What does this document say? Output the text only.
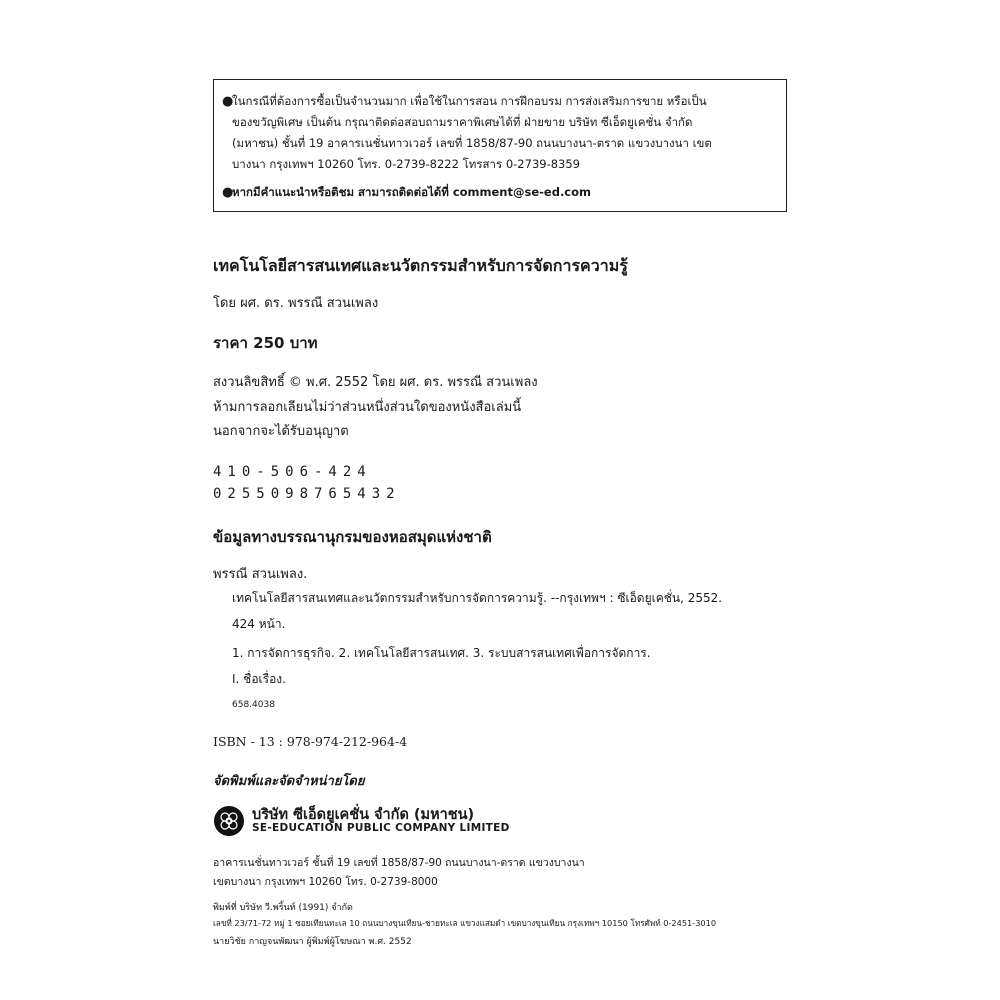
●
ในกรณีที่ต้องการซื้อเป็นจำนวนมาก เพื่อใช้ในการสอน การฝึกอบรม การส่งเสริมการขาย หรือเป็น
ของขวัญพิเศษ เป็นต้น กรุณาติดต่อสอบถามราคาพิเศษได้ที่ ฝ่ายขาย บริษัท ซีเอ็ดยูเคชั่น จำกัด
(มหาชน) ชั้นที่ 19 อาคารเนชั่นทาวเวอร์ เลขที่ 1858/87-90 ถนนบางนา-ตราด แขวงบางนา เขต
บางนา กรุงเทพฯ 10260 โทร. 0-2739-8222 โทรสาร 0-2739-8359
●
หากมีคำแนะนำหรือติชม สามารถติดต่อได้ที่ comment@se-ed.com
เทคโนโลยีสารสนเทศและนวัตกรรมสำหรับการจัดการความรู้
โดย ผศ. ดร. พรรณี สวนเพลง
ราคา 250 บาท
สงวนลิขสิทธิ์ © พ.ศ. 2552 โดย ผศ. ดร. พรรณี สวนเพลง
ห้ามการลอกเลียนไม่ว่าส่วนหนึ่งส่วนใดของหนังสือเล่มนี้
นอกจากจะได้รับอนุญาต
410-506-424
0255098765432
ข้อมูลทางบรรณานุกรมของหอสมุดแห่งชาติ
พรรณี สวนเพลง.
เทคโนโลยีสารสนเทศและนวัตกรรมสำหรับการจัดการความรู้. --กรุงเทพฯ : ซีเอ็ดยูเคชั่น, 2552.
424 หน้า.
1. การจัดการธุรกิจ. 2. เทคโนโลยีสารสนเทศ. 3. ระบบสารสนเทศเพื่อการจัดการ.
I. ชื่อเรื่อง.
658.4038
ISBN - 13 : 978-974-212-964-4
จัดพิมพ์และจัดจำหน่ายโดย
บริษัท ซีเอ็ดยูเคชั่น จำกัด (มหาชน)
SE-EDUCATION PUBLIC COMPANY LIMITED
อาคารเนชั่นทาวเวอร์ ชั้นที่ 19 เลขที่ 1858/87-90 ถนนบางนา-ตราด แขวงบางนา
เขตบางนา กรุงเทพฯ 10260 โทร. 0-2739-8000
พิมพ์ที่ บริษัท วี.พริ้นท์ (1991) จำกัด
เลขที่ 23/71-72 หมู่ 1 ซอยเทียนทะเล 10 ถนนบางขุนเทียน-ชายทะเล แขวงแสมดำ เขตบางขุนเทียน กรุงเทพฯ 10150 โทรศัพท์ 0-2451-3010
นายวิชัย กาญจนพัฒนา ผู้พิมพ์ผู้โฆษณา พ.ศ. 2552
